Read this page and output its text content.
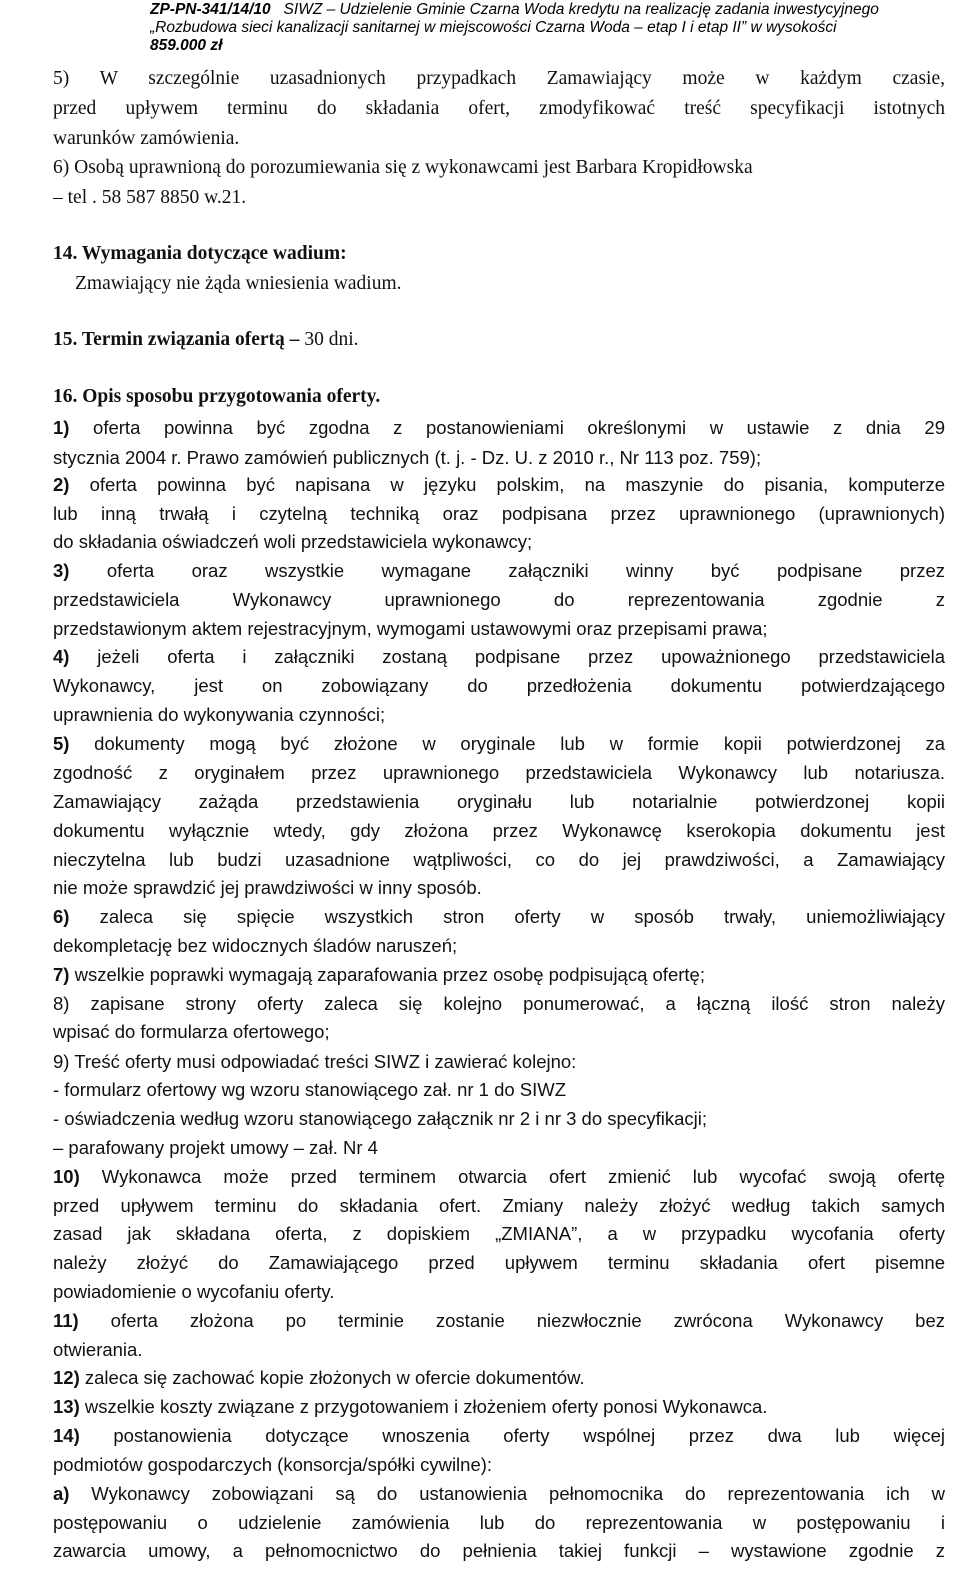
ZP-PN-341/14/10 SIWZ – Udzielenie Gminie Czarna Woda kredytu na realizację zadania inwestycyjnego
„Rozbudowa sieci kanalizacji sanitarnej w miejscowości Czarna Woda – etap I i etap II” w wysokości
859.000 zł
5) W szczególnie uzasadnionych przypadkach Zamawiający może w każdym czasie,
przed upływem terminu do składania ofert, zmodyfikować treść specyfikacji istotnych
warunków zamówienia.
6) Osobą uprawnioną do porozumiewania się z wykonawcami jest Barbara Kropidłowska
– tel . 58 587 8850 w.21.
14. Wymagania dotyczące wadium:
Zmawiający nie żąda wniesienia wadium.
15. Termin związania ofertą – 30 dni.
16. Opis sposobu przygotowania oferty.
1) oferta powinna być zgodna z postanowieniami określonymi w ustawie z dnia 29
stycznia 2004 r. Prawo zamówień publicznych (t. j. - Dz. U. z 2010 r., Nr 113 poz. 759);
2) oferta powinna być napisana w języku polskim, na maszynie do pisania, komputerze
lub inną trwałą i czytelną techniką oraz podpisana przez uprawnionego (uprawnionych)
do składania oświadczeń woli przedstawiciela wykonawcy;
3) oferta oraz wszystkie wymagane załączniki winny być podpisane przez
przedstawiciela Wykonawcy uprawnionego do reprezentowania zgodnie z
przedstawionym aktem rejestracyjnym, wymogami ustawowymi oraz przepisami prawa;
4) jeżeli oferta i załączniki zostaną podpisane przez upoważnionego przedstawiciela
Wykonawcy, jest on zobowiązany do przedłożenia dokumentu potwierdzającego
uprawnienia do wykonywania czynności;
5) dokumenty mogą być złożone w oryginale lub w formie kopii potwierdzonej za
zgodność z oryginałem przez uprawnionego przedstawiciela Wykonawcy lub notariusza.
Zamawiający zażąda przedstawienia oryginału lub notarialnie potwierdzonej kopii
dokumentu wyłącznie wtedy, gdy złożona przez Wykonawcę kserokopia dokumentu jest
nieczytelna lub budzi uzasadnione wątpliwości, co do jej prawdziwości, a Zamawiający
nie może sprawdzić jej prawdziwości w inny sposób.
6) zaleca się spięcie wszystkich stron oferty w sposób trwały, uniemożliwiający
dekompletację bez widocznych śladów naruszeń;
7) wszelkie poprawki wymagają zaparafowania przez osobę podpisującą ofertę;
8) zapisane strony oferty zaleca się kolejno ponumerować, a łączną ilość stron należy
wpisać do formularza ofertowego;
9) Treść oferty musi odpowiadać treści SIWZ i zawierać kolejno:
- formularz ofertowy wg wzoru stanowiącego zał. nr 1 do SIWZ
- oświadczenia według wzoru stanowiącego załącznik nr 2 i nr 3 do specyfikacji;
– parafowany projekt umowy – zał. Nr 4
10) Wykonawca może przed terminem otwarcia ofert zmienić lub wycofać swoją ofertę
przed upływem terminu do składania ofert. Zmiany należy złożyć według takich samych
zasad jak składana oferta, z dopiskiem „ZMIANA”, a w przypadku wycofania oferty
należy złożyć do Zamawiającego przed upływem terminu składania ofert pisemne
powiadomienie o wycofaniu oferty.
11) oferta złożona po terminie zostanie niezwłocznie zwrócona Wykonawcy bez
otwierania.
12) zaleca się zachować kopie złożonych w ofercie dokumentów.
13) wszelkie koszty związane z przygotowaniem i złożeniem oferty ponosi Wykonawca.
14) postanowienia dotyczące wnoszenia oferty wspólnej przez dwa lub więcej
podmiotów gospodarczych (konsorcja/spółki cywilne):
a) Wykonawcy zobowiązani są do ustanowienia pełnomocnika do reprezentowania ich w
postępowaniu o udzielenie zamówienia lub do reprezentowania w postępowaniu i
zawarcia umowy, a pełnomocnictwo do pełnienia takiej funkcji – wystawione zgodnie z
